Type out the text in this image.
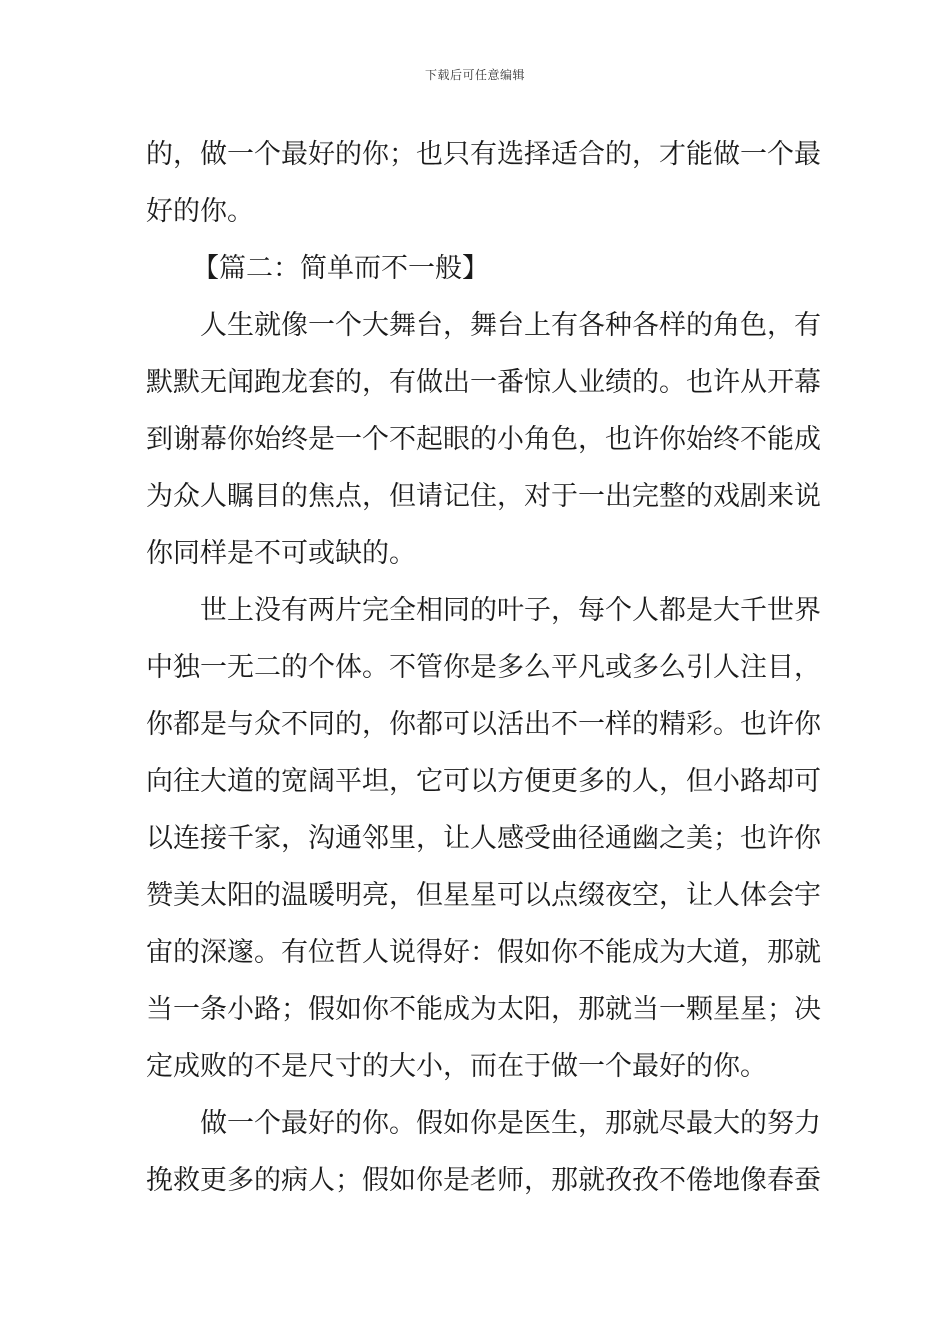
下载后可任意编辑
的，做一个最好的你；也只有选择适合的，才能做一个最
好的你。
【篇二：简单而不一般】
人生就像一个大舞台，舞台上有各种各样的角色，有
默默无闻跑龙套的，有做出一番惊人业绩的。也许从开幕
到谢幕你始终是一个不起眼的小角色，也许你始终不能成
为众人瞩目的焦点，但请记住，对于一出完整的戏剧来说
你同样是不可或缺的。
世上没有两片完全相同的叶子，每个人都是大千世界
中独一无二的个体。不管你是多么平凡或多么引人注目，
你都是与众不同的，你都可以活出不一样的精彩。也许你
向往大道的宽阔平坦，它可以方便更多的人，但小路却可
以连接千家，沟通邻里，让人感受曲径通幽之美；也许你
赞美太阳的温暖明亮，但星星可以点缀夜空，让人体会宇
宙的深邃。有位哲人说得好：假如你不能成为大道，那就
当一条小路；假如你不能成为太阳，那就当一颗星星；决
定成败的不是尺寸的大小，而在于做一个最好的你。
做一个最好的你。假如你是医生，那就尽最大的努力
挽救更多的病人；假如你是老师，那就孜孜不倦地像春蚕
